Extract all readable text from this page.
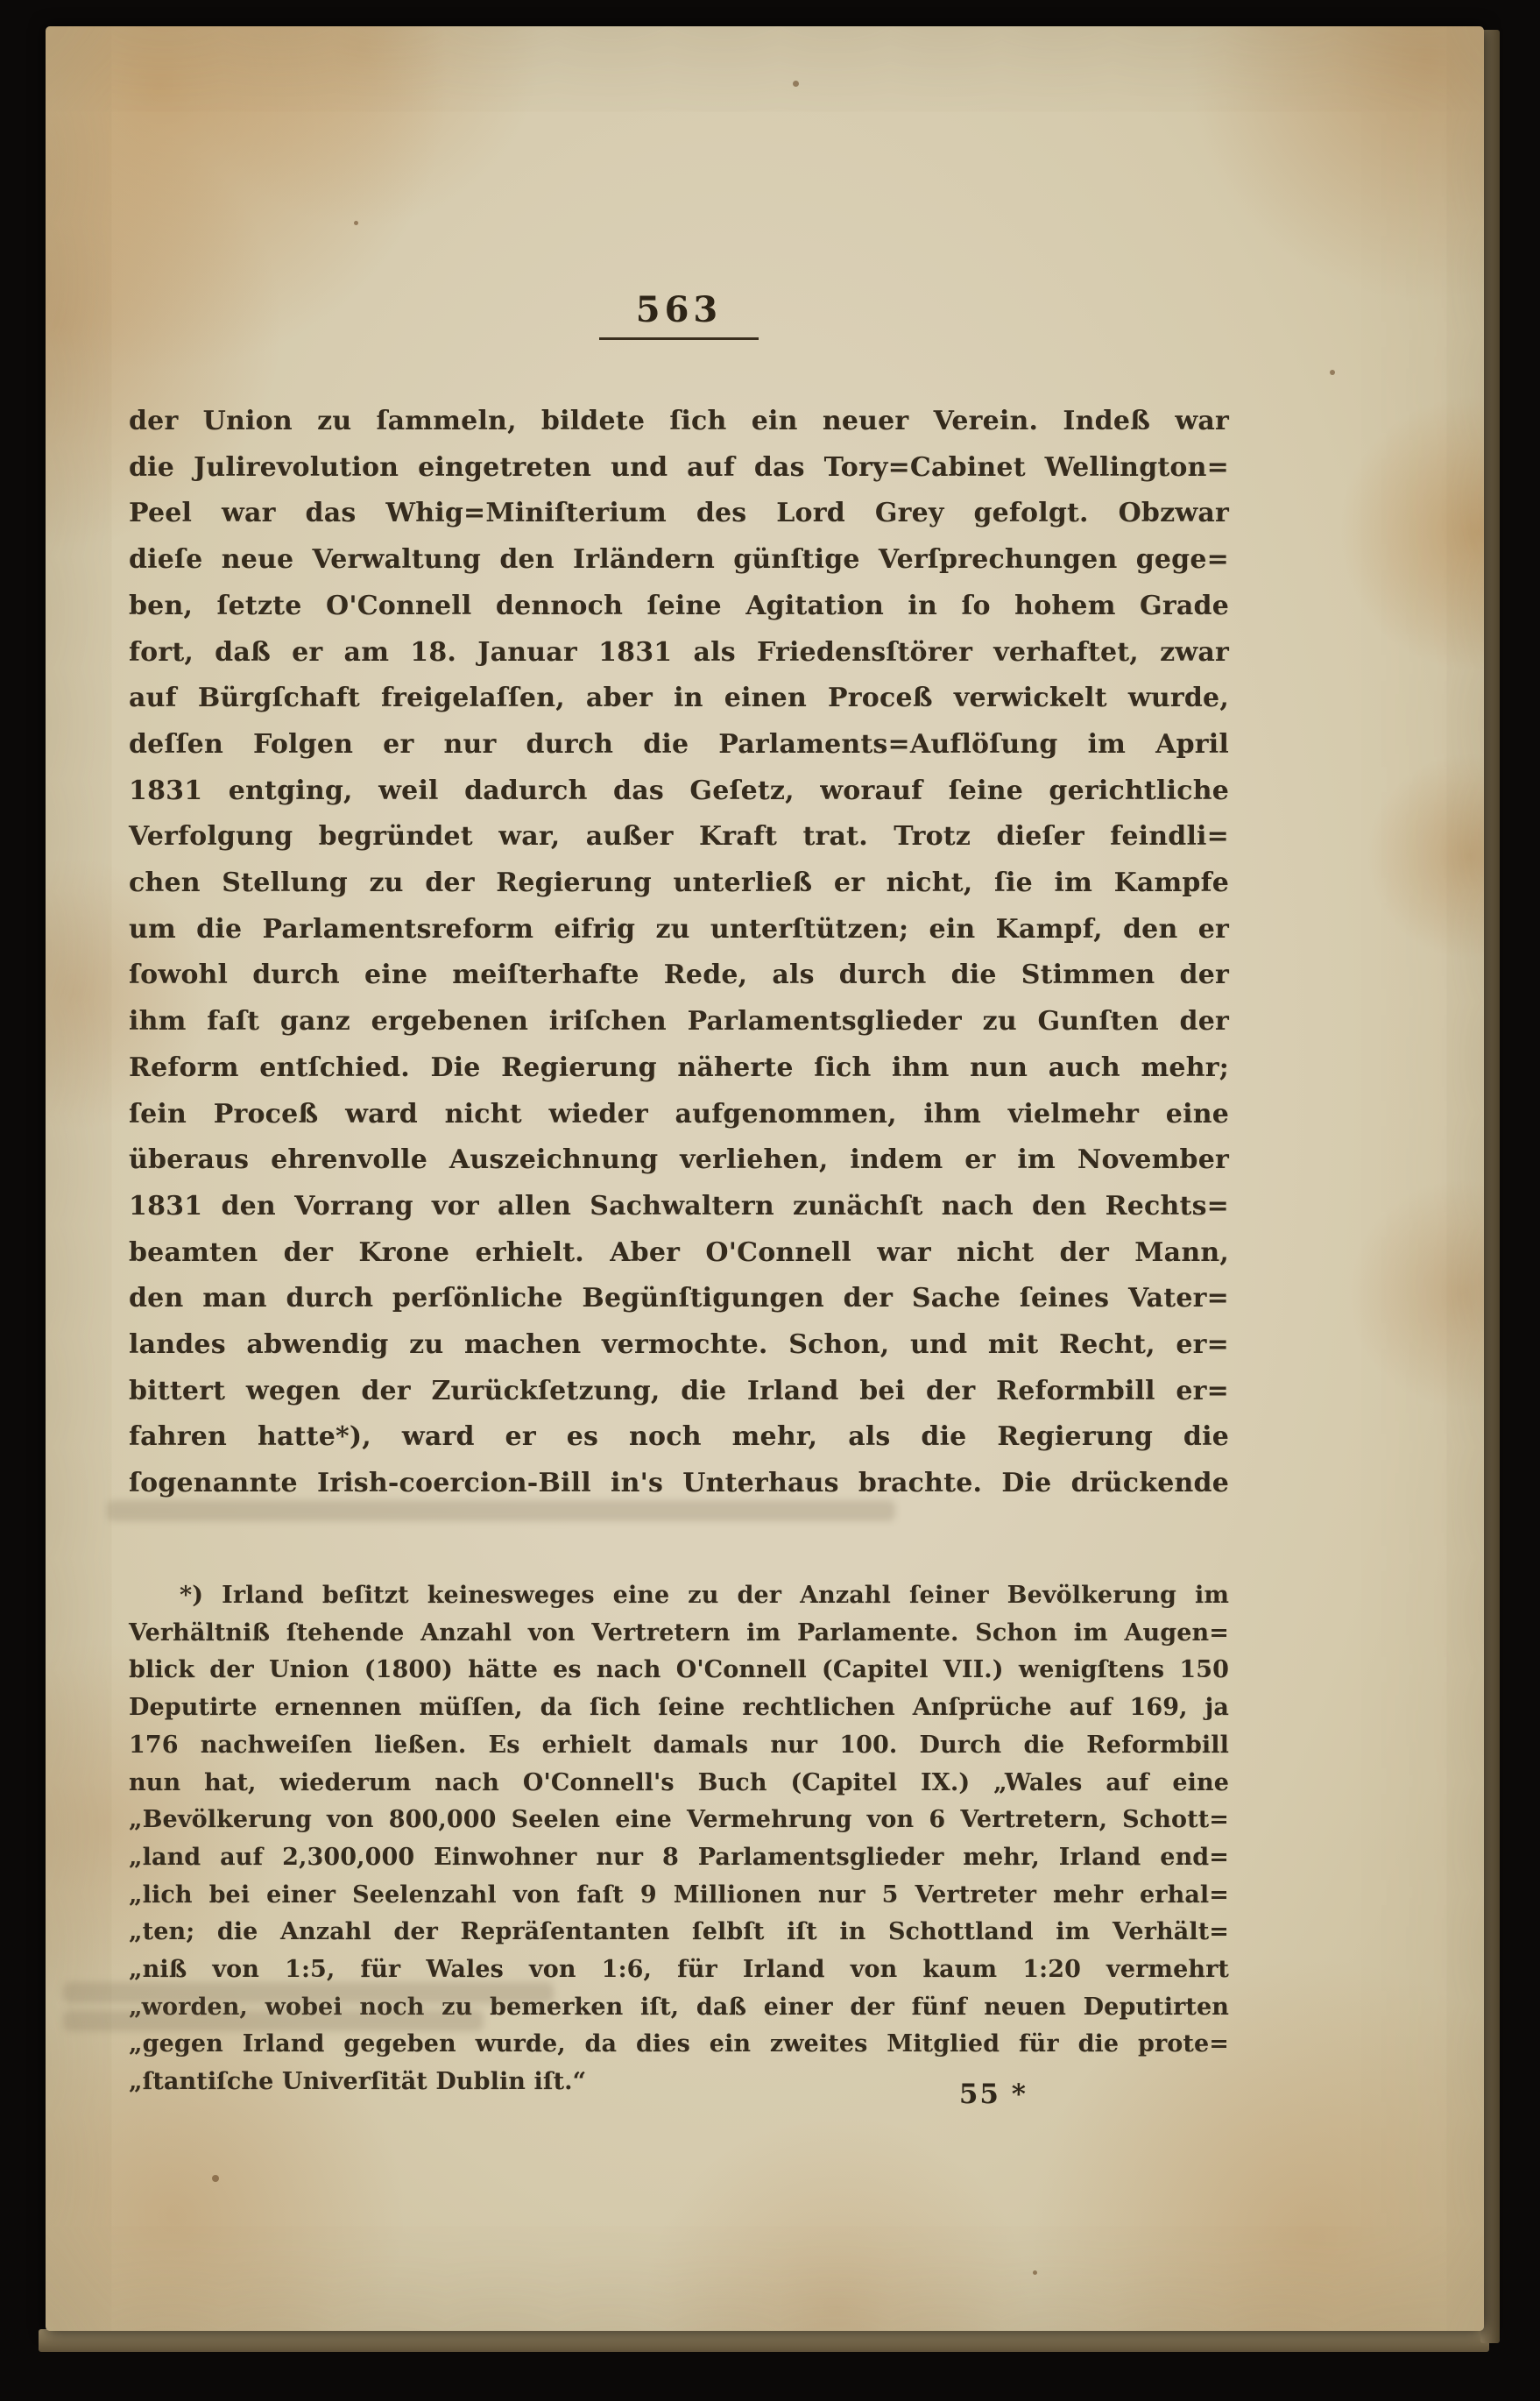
563
der Union zu ſammeln, bildete ſich ein neuer Verein. Indeß war
die Julirevolution eingetreten und auf das Tory=Cabinet Wellington=
Peel war das Whig=Miniſterium des Lord Grey gefolgt. Obzwar
dieſe neue Verwaltung den Irländern günſtige Verſprechungen gege=
ben, ſetzte O'Connell dennoch ſeine Agitation in ſo hohem Grade
fort, daß er am 18. Januar 1831 als Friedensſtörer verhaftet, zwar
auf Bürgſchaft freigelaſſen, aber in einen Proceß verwickelt wurde,
deſſen Folgen er nur durch die Parlaments=Auflöſung im April
1831 entging, weil dadurch das Geſetz, worauf ſeine gerichtliche
Verfolgung begründet war, außer Kraft trat. Trotz dieſer feindli=
chen Stellung zu der Regierung unterließ er nicht, ſie im Kampfe
um die Parlamentsreform eifrig zu unterſtützen; ein Kampf, den er
ſowohl durch eine meiſterhafte Rede, als durch die Stimmen der
ihm faſt ganz ergebenen iriſchen Parlamentsglieder zu Gunſten der
Reform entſchied. Die Regierung näherte ſich ihm nun auch mehr;
ſein Proceß ward nicht wieder aufgenommen, ihm vielmehr eine
überaus ehrenvolle Auszeichnung verliehen, indem er im November
1831 den Vorrang vor allen Sachwaltern zunächſt nach den Rechts=
beamten der Krone erhielt. Aber O'Connell war nicht der Mann,
den man durch perſönliche Begünſtigungen der Sache ſeines Vater=
landes abwendig zu machen vermochte. Schon, und mit Recht, er=
bittert wegen der Zurückſetzung, die Irland bei der Reformbill er=
fahren hatte*), ward er es noch mehr, als die Regierung die
ſogenannte Irish-coercion-Bill in's Unterhaus brachte. Die drückende
*) Irland beſitzt keinesweges eine zu der Anzahl ſeiner Bevölkerung im
Verhältniß ſtehende Anzahl von Vertretern im Parlamente. Schon im Augen=
blick der Union (1800) hätte es nach O'Connell (Capitel VII.) wenigſtens 150
Deputirte ernennen müſſen, da ſich ſeine rechtlichen Anſprüche auf 169, ja
176 nachweiſen ließen. Es erhielt damals nur 100. Durch die Reformbill
nun hat, wiederum nach O'Connell's Buch (Capitel IX.) „Wales auf eine
„Bevölkerung von 800,000 Seelen eine Vermehrung von 6 Vertretern, Schott=
„land auf 2,300,000 Einwohner nur 8 Parlamentsglieder mehr, Irland end=
„lich bei einer Seelenzahl von faſt 9 Millionen nur 5 Vertreter mehr erhal=
„ten; die Anzahl der Repräſentanten ſelbſt iſt in Schottland im Verhält=
„niß von 1:5, für Wales von 1:6, für Irland von kaum 1:20 vermehrt
„worden, wobei noch zu bemerken iſt, daß einer der fünf neuen Deputirten
„gegen Irland gegeben wurde, da dies ein zweites Mitglied für die prote=
„ſtantiſche Univerſität Dublin iſt.“	55 *
